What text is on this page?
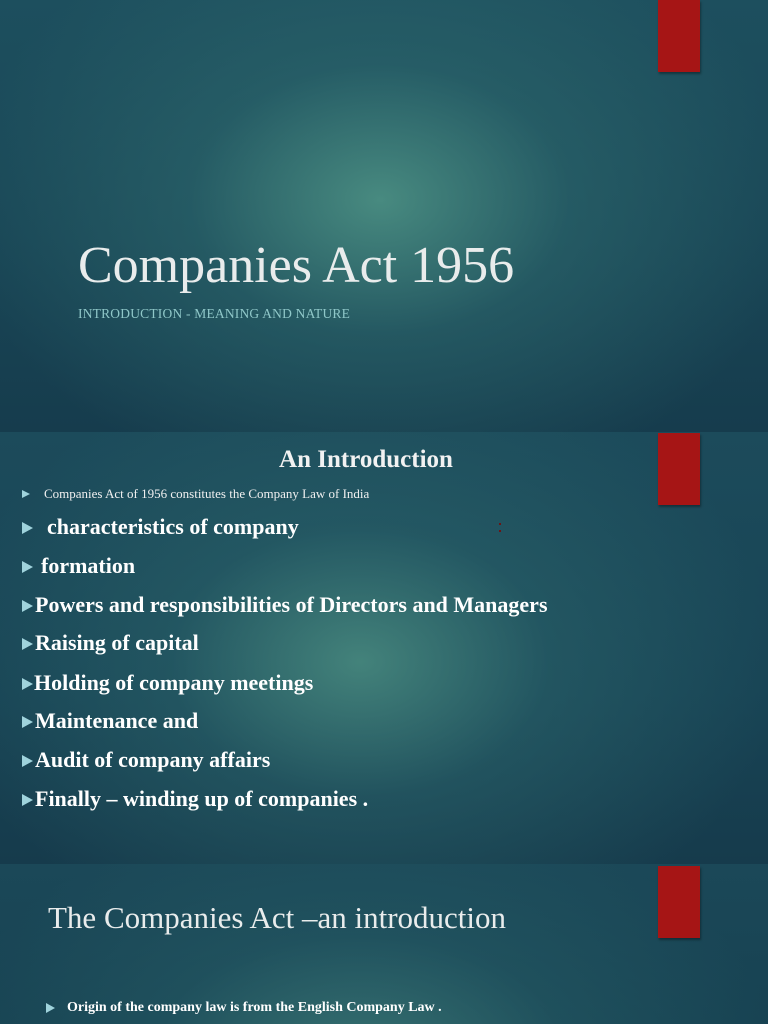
Companies Act 1956
INTRODUCTION - MEANING AND NATURE
An Introduction
Companies Act of 1956 constitutes the Company Law of India
characteristics of company
formation
Powers and responsibilities of Directors and Managers
Raising of capital
Holding of company meetings
Maintenance and
Audit of company affairs
Finally – winding up of companies .
The Companies Act –an introduction
Origin of the company law is from the English Company Law .
